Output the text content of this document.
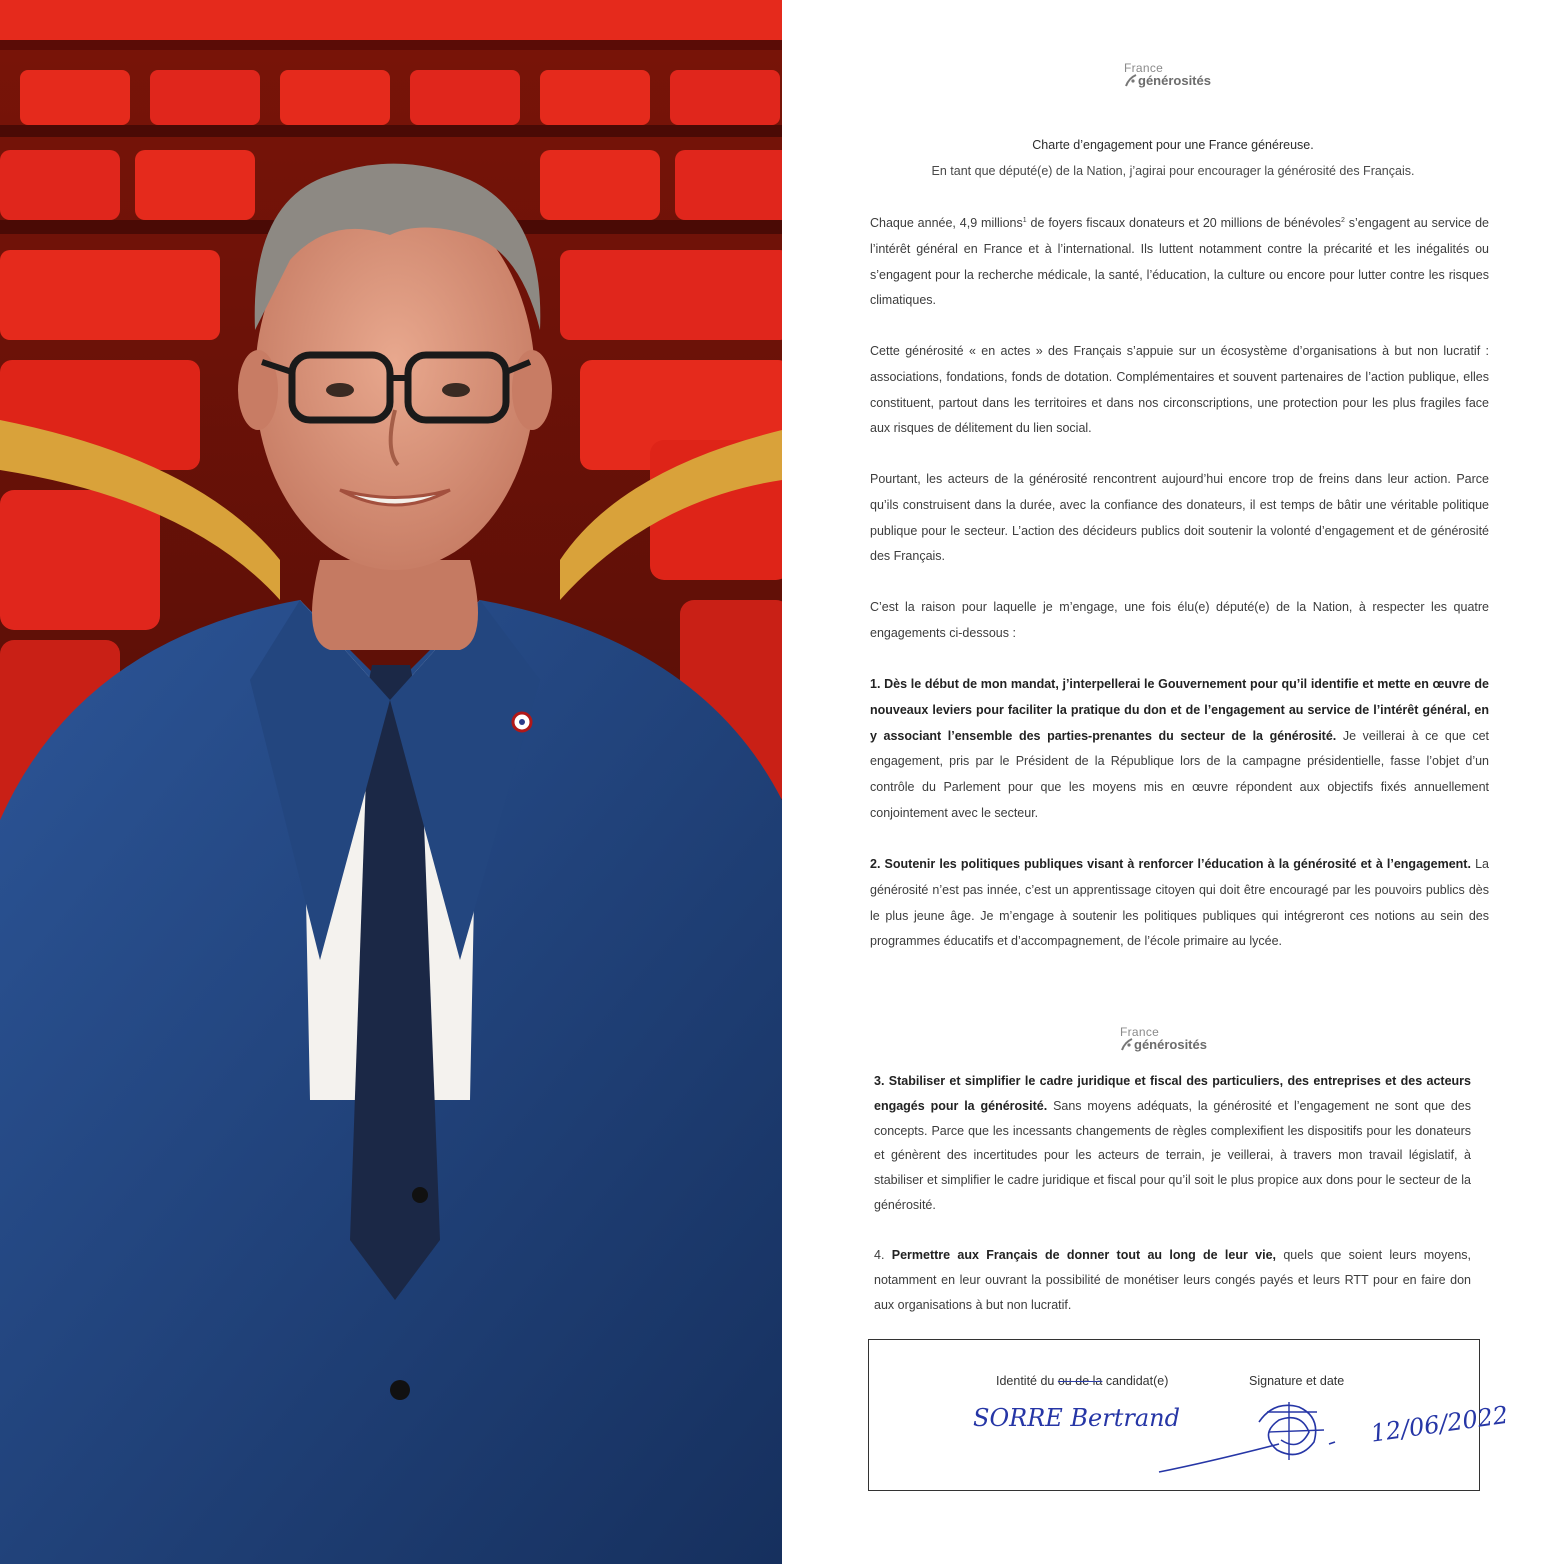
France
générosités
Charte d’engagement pour une France généreuse.
En tant que député(e) de la Nation, j’agirai pour encourager la générosité des Français.
Chaque année, 4,9 millions$^1$ de foyers fiscaux donateurs et 20 millions de bénévoles$^2$ s’engagent au service de l’intérêt général en France et à l’international. Ils luttent notamment contre la précarité et les inégalités ou s’engagent pour la recherche médicale, la santé, l’éducation, la culture ou encore pour lutter contre les risques climatiques.
Cette générosité « en actes » des Français s’appuie sur un écosystème d’organisations à but non lucratif : associations, fondations, fonds de dotation. Complémentaires et souvent partenaires de l’action publique, elles constituent, partout dans les territoires et dans nos circonscriptions, une protection pour les plus fragiles face aux risques de délitement du lien social.
Pourtant, les acteurs de la générosité rencontrent aujourd’hui encore trop de freins dans leur action. Parce qu’ils construisent dans la durée, avec la confiance des donateurs, il est temps de bâtir une véritable politique publique pour le secteur. L’action des décideurs publics doit soutenir la volonté d’engagement et de générosité des Français.
C’est la raison pour laquelle je m’engage, une fois élu(e) député(e) de la Nation, à respecter les quatre engagements ci-dessous :
1. Dès le début de mon mandat, j’interpellerai le Gouvernement pour qu’il identifie et mette en œuvre de nouveaux leviers pour faciliter la pratique du don et de l’engagement au service de l’intérêt général, en y associant l’ensemble des parties-prenantes du secteur de la générosité. Je veillerai à ce que cet engagement, pris par le Président de la République lors de la campagne présidentielle, fasse l’objet d’un contrôle du Parlement pour que les moyens mis en œuvre répondent aux objectifs fixés annuellement conjointement avec le secteur.
2. Soutenir les politiques publiques visant à renforcer l’éducation à la générosité et à l’engagement. La générosité n’est pas innée, c’est un apprentissage citoyen qui doit être encouragé par les pouvoirs publics dès le plus jeune âge. Je m’engage à soutenir les politiques publiques qui intégreront ces notions au sein des programmes éducatifs et d’accompagnement, de l’école primaire au lycée.
France
générosités
3. Stabiliser et simplifier le cadre juridique et fiscal des particuliers, des entreprises et des acteurs engagés pour la générosité. Sans moyens adéquats, la générosité et l’engagement ne sont que des concepts. Parce que les incessants changements de règles complexifient les dispositifs pour les donateurs et génèrent des incertitudes pour les acteurs de terrain, je veillerai, à travers mon travail législatif, à stabiliser et simplifier le cadre juridique et fiscal pour qu’il soit le plus propice aux dons pour le secteur de la générosité.
4. Permettre aux Français de donner tout au long de leur vie, quels que soient leurs moyens, notamment en leur ouvrant la possibilité de monétiser leurs congés payés et leurs RTT pour en faire don aux organisations à but non lucratif.
Identité du ou de la candidat(e)	Signature et date
SORRE Bertrand	12/06/2022
